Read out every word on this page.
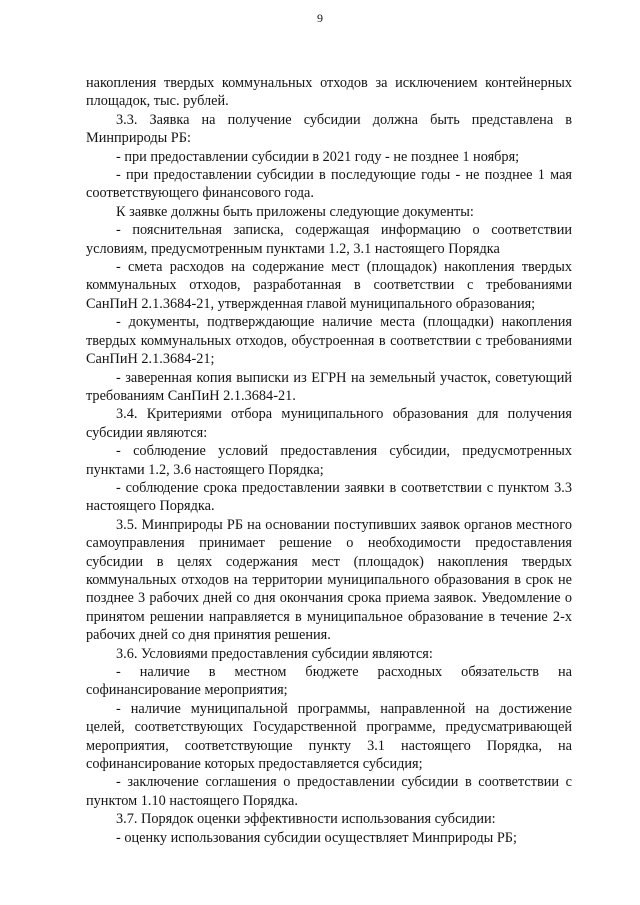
9

накопления твердых коммунальных отходов за исключением контейнерных площадок, тыс. рублей.

3.3. Заявка на получение субсидии должна быть представлена в Минприроды РБ:

- при предоставлении субсидии в 2021 году - не позднее 1 ноября;

- при предоставлении субсидии в последующие годы - не позднее 1 мая соответствующего финансового года.

К заявке должны быть приложены следующие документы:

- пояснительная записка, содержащая информацию о соответствии условиям, предусмотренным пунктами 1.2, 3.1 настоящего Порядка

- смета расходов на содержание мест (площадок) накопления твердых коммунальных отходов, разработанная в соответствии с требованиями СанПиН 2.1.3684-21, утвержденная главой муниципального образования;

- документы, подтверждающие наличие места (площадки) накопления твердых коммунальных отходов, обустроенная в соответствии с требованиями СанПиН 2.1.3684-21;

- заверенная копия выписки из ЕГРН на земельный участок, советующий требованиям СанПиН 2.1.3684-21.

3.4. Критериями отбора муниципального образования для получения субсидии являются:

- соблюдение условий предоставления субсидии, предусмотренных пунктами 1.2, 3.6 настоящего Порядка;

- соблюдение срока предоставлении заявки в соответствии с пунктом 3.3 настоящего Порядка.

3.5. Минприроды РБ на основании поступивших заявок органов местного самоуправления принимает решение о необходимости предоставления субсидии в целях содержания мест (площадок) накопления твердых коммунальных отходов на территории муниципального образования в срок не позднее 3 рабочих дней со дня окончания срока приема заявок. Уведомление о принятом решении направляется в муниципальное образование в течение 2-х рабочих дней со дня принятия решения.

3.6. Условиями предоставления субсидии являются:

- наличие в местном бюджете расходных обязательств на софинансирование мероприятия;

- наличие муниципальной программы, направленной на достижение целей, соответствующих Государственной программе, предусматривающей мероприятия, соответствующие пункту 3.1 настоящего Порядка, на софинансирование которых предоставляется субсидия;

- заключение соглашения о предоставлении субсидии в соответствии с пунктом 1.10 настоящего Порядка.

3.7. Порядок оценки эффективности использования субсидии:

- оценку использования субсидии осуществляет Минприроды РБ;
